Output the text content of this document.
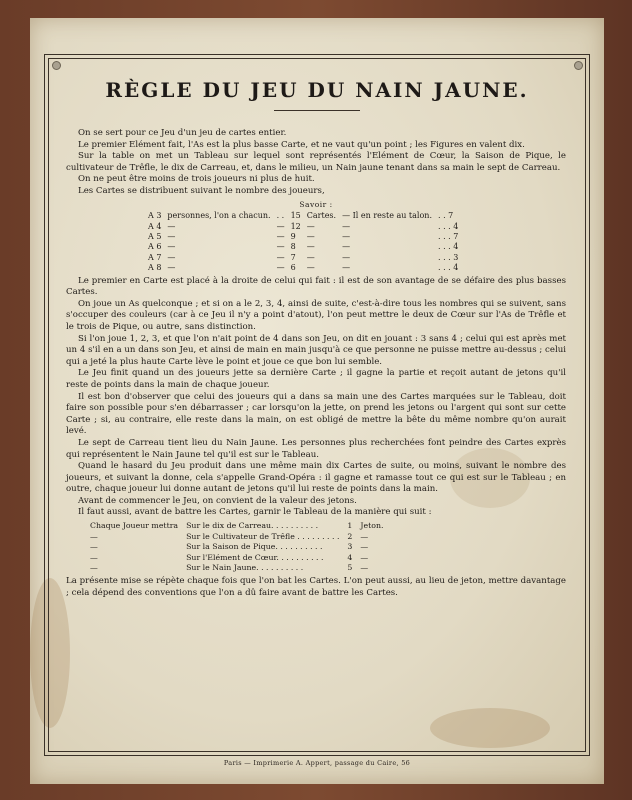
RÈGLE DU JEU DU NAIN JAUNE.

On se sert pour ce Jeu d'un jeu de cartes entier.

Le premier Elément fait, l'As est la plus basse Carte, et ne vaut qu'un point ; les Figures en valent dix.

Sur la table on met un Tableau sur lequel sont représentés l'Elément de Cœur, la Saison de Pique, le cultivateur de Trêfle, le dix de Carreau, et, dans le milieu, un Nain jaune tenant dans sa main le sept de Carreau.

On ne peut être moins de trois joueurs ni plus de huit.

Les Cartes se distribuent suivant le nombre des joueurs,

Savoir :
A 3	personnes, l'on a chacun.	. .	15	Cartes.	— Il en reste au talon.	. . 7
A 4	—	—	12	—	—	. . . 4
A 5	—	—	9	—	—	. . . 7
A 6	—	—	8	—	—	. . . 4
A 7	—	—	7	—	—	. . . 3
A 8	—	—	6	—	—	. . . 4

Le premier en Carte est placé à la droite de celui qui fait : il est de son avantage de se défaire des plus basses Cartes.

On joue un As quelconque ; et si on a le 2, 3, 4, ainsi de suite, c'est-à-dire tous les nombres qui se suivent, sans s'occuper des couleurs (car à ce Jeu il n'y a point d'atout), l'on peut mettre le deux de Cœur sur l'As de Trêfle et le trois de Pique, ou autre, sans distinction.

Si l'on joue 1, 2, 3, et que l'on n'ait point de 4 dans son Jeu, on dit en jouant : 3 sans 4 ; celui qui est après met un 4 s'il en a un dans son Jeu, et ainsi de main en main jusqu'à ce que personne ne puisse mettre au-dessus ; celui qui a jeté la plus haute Carte lève le point et joue ce que bon lui semble.

Le Jeu finit quand un des joueurs jette sa dernière Carte ; il gagne la partie et reçoit autant de jetons qu'il reste de points dans la main de chaque joueur.

Il est bon d'observer que celui des joueurs qui a dans sa main une des Cartes marquées sur le Tableau, doit faire son possible pour s'en débarrasser ; car lorsqu'on la jette, on prend les jetons ou l'argent qui sont sur cette Carte ; si, au contraire, elle reste dans la main, on est obligé de mettre la bête du même nombre qu'on aurait levé.

Le sept de Carreau tient lieu du Nain Jaune. Les personnes plus recherchées font peindre des Cartes exprès qui représentent le Nain Jaune tel qu'il est sur le Tableau.

Quand le hasard du Jeu produit dans une même main dix Cartes de suite, ou moins, suivant le nombre des joueurs, et suivant la donne, cela s'appelle Grand-Opéra : il gagne et ramasse tout ce qui est sur le Tableau ; en outre, chaque joueur lui donne autant de jetons qu'il lui reste de points dans la main.

Avant de commencer le Jeu, on convient de la valeur des jetons.

Il faut aussi, avant de battre les Cartes, garnir le Tableau de la manière qui suit :

Chaque Joueur mettra	Sur le dix de Carreau. . . . . . . . . .	1	Jeton.
—	Sur le Cultivateur de Trêfle . . . . . . . . .	2	—
—	Sur la Saison de Pique. . . . . . . . . .	3	—
—	Sur l'Elément de Cœur. . . . . . . . . .	4	—
—	Sur le Nain Jaune. . . . . . . . . .	5	—

La présente mise se répète chaque fois que l'on bat les Cartes. L'on peut aussi, au lieu de jeton, mettre davantage ; cela dépend des conventions que l'on a dû faire avant de battre les Cartes.

Paris — Imprimerie A. Appert, passage du Caire, 56
